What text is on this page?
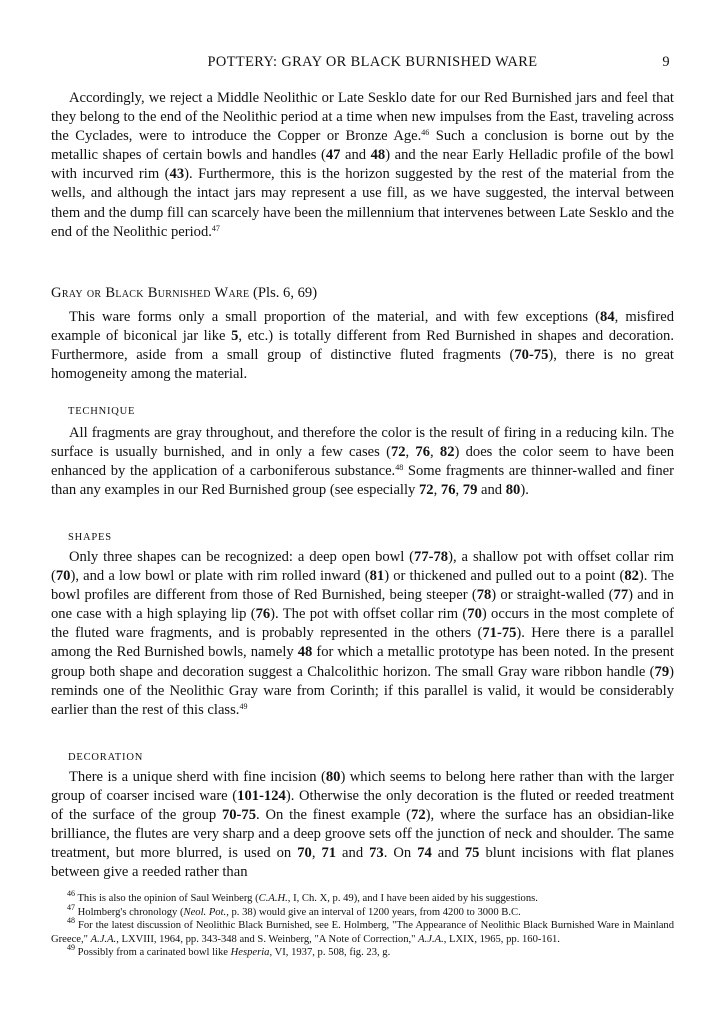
POTTERY: GRAY OR BLACK BURNISHED WARE	9

Accordingly, we reject a Middle Neolithic or Late Sesklo date for our Red Burnished jars and feel that they belong to the end of the Neolithic period at a time when new impulses from the East, traveling across the Cyclades, were to introduce the Copper or Bronze Age.$^{46}$ Such a conclusion is borne out by the metallic shapes of certain bowls and handles (47 and 48) and the near Early Helladic profile of the bowl with incurved rim (43). Furthermore, this is the horizon suggested by the rest of the material from the wells, and although the intact jars may represent a use fill, as we have suggested, the interval between them and the dump fill can scarcely have been the millennium that intervenes between Late Sesklo and the end of the Neolithic period.$^{47}$

Gray or Black Burnished Ware (Pls. 6, 69)

This ware forms only a small proportion of the material, and with few exceptions (84, misfired example of biconical jar like 5, etc.) is totally different from Red Burnished in shapes and decoration. Furthermore, aside from a small group of distinctive fluted fragments (70-75), there is no great homogeneity among the material.

TECHNIQUE

All fragments are gray throughout, and therefore the color is the result of firing in a reducing kiln. The surface is usually burnished, and in only a few cases (72, 76, 82) does the color seem to have been enhanced by the application of a carboniferous substance.$^{48}$ Some fragments are thinner-walled and finer than any examples in our Red Burnished group (see especially 72, 76, 79 and 80).

SHAPES

Only three shapes can be recognized: a deep open bowl (77-78), a shallow pot with offset collar rim (70), and a low bowl or plate with rim rolled inward (81) or thickened and pulled out to a point (82). The bowl profiles are different from those of Red Burnished, being steeper (78) or straight-walled (77) and in one case with a high splaying lip (76). The pot with offset collar rim (70) occurs in the most complete of the fluted ware fragments, and is probably represented in the others (71-75). Here there is a parallel among the Red Burnished bowls, namely 48 for which a metallic prototype has been noted. In the present group both shape and decoration suggest a Chalcolithic horizon. The small Gray ware ribbon handle (79) reminds one of the Neolithic Gray ware from Corinth; if this parallel is valid, it would be considerably earlier than the rest of this class.$^{49}$

DECORATION

There is a unique sherd with fine incision (80) which seems to belong here rather than with the larger group of coarser incised ware (101-124). Otherwise the only decoration is the fluted or reeded treatment of the surface of the group 70-75. On the finest example (72), where the surface has an obsidian-like brilliance, the flutes are very sharp and a deep groove sets off the junction of neck and shoulder. The same treatment, but more blurred, is used on 70, 71 and 73. On 74 and 75 blunt incisions with flat planes between give a reeded rather than

$^{46}$ This is also the opinion of Saul Weinberg (C.A.H., I, Ch. X, p. 49), and I have been aided by his suggestions.

$^{47}$ Holmberg's chronology (Neol. Pot., p. 38) would give an interval of 1200 years, from 4200 to 3000 B.C.

$^{48}$ For the latest discussion of Neolithic Black Burnished, see E. Holmberg, "The Appearance of Neolithic Black Burnished Ware in Mainland Greece," A.J.A., LXVIII, 1964, pp. 343-348 and S. Weinberg, "A Note of Correction," A.J.A., LXIX, 1965, pp. 160-161.

$^{49}$ Possibly from a carinated bowl like Hesperia, VI, 1937, p. 508, fig. 23, g.
